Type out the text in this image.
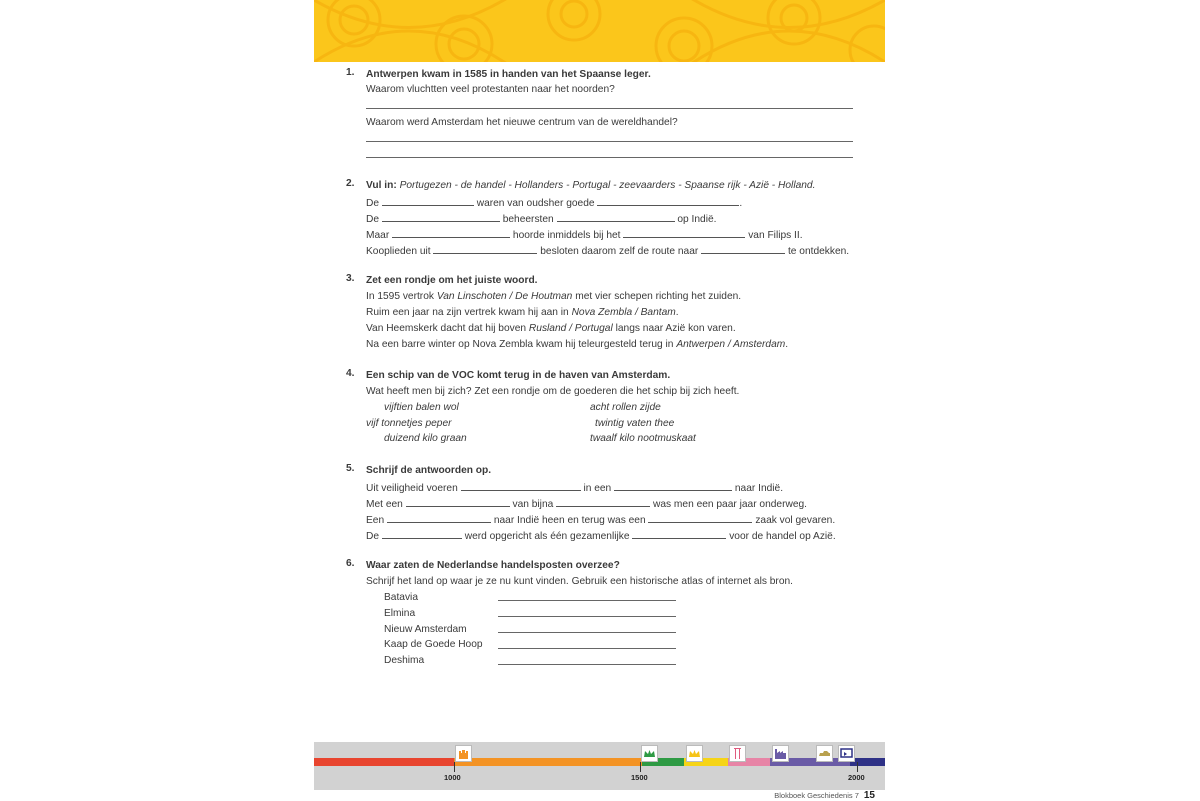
1. Antwerpen kwam in 1585 in handen van het Spaanse leger.
Waarom vluchtten veel protestanten naar het noorden?
Waarom werd Amsterdam het nieuwe centrum van de wereldhandel?
2. Vul in: Portugezen - de handel - Hollanders - Portugal - zeevaarders - Spaanse rijk - Azië - Holland.
De	waren van oudsher goede	.
De	beheersten	op Indië.
Maar	hoorde inmiddels bij het	van Filips II.
Kooplieden uit	besloten daarom zelf de route naar	te ontdekken.
3. Zet een rondje om het juiste woord.
In 1595 vertrok Van Linschoten / De Houtman met vier schepen richting het zuiden.
Ruim een jaar na zijn vertrek kwam hij aan in Nova Zembla / Bantam.
Van Heemskerk dacht dat hij boven Rusland / Portugal langs naar Azië kon varen.
Na een barre winter op Nova Zembla kwam hij teleurgesteld terug in Antwerpen / Amsterdam.
4. Een schip van de VOC komt terug in de haven van Amsterdam.
Wat heeft men bij zich? Zet een rondje om de goederen die het schip bij zich heeft.
vijftien balen wol	acht rollen zijde
vijf tonnetjes peper	twintig vaten thee
duizend kilo graan	twaalf kilo nootmuskaat
5. Schrijf de antwoorden op.
Uit veiligheid voeren	in een	naar Indië.
Met een	van bijna	was men een paar jaar onderweg.
Een	naar Indië heen en terug was een	zaak vol gevaren.
De	werd opgericht als één gezamenlijke	voor de handel op Azië.
6. Waar zaten de Nederlandse handelsposten overzee?
Schrijf het land op waar je ze nu kunt vinden. Gebruik een historische atlas of internet als bron.
Batavia
Elmina
Nieuw Amsterdam
Kaap de Goede Hoop
Deshima
1000	1500	2000
Blokboek Geschiedenis 7 15
